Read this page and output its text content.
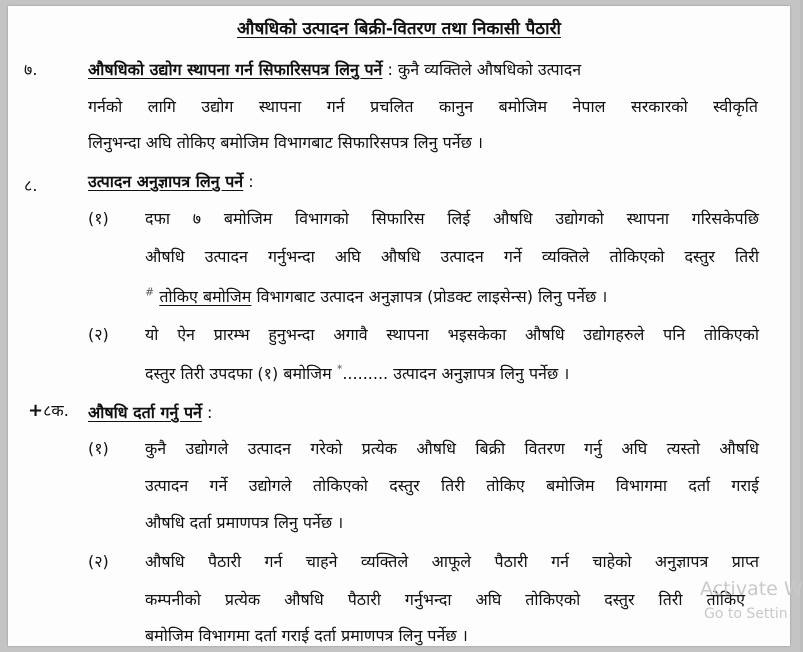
औषधिको उत्पादन बिक्री-वितरण तथा निकासी पैठारी
७.	औषधिको उद्योग स्थापना गर्न सिफारिसपत्र लिनु पर्ने : कुनै व्यक्तिले औषधिको उत्पादन
गर्नको लागि उद्योग स्थापना गर्न प्रचलित कानुन बमोजिम नेपाल सरकारको स्वीकृति
लिनुभन्दा अघि तोकिए बमोजिम विभागबाट सिफारिसपत्र लिनु पर्नेछ ।
८.	उत्पादन अनुज्ञापत्र लिनु पर्ने :
(१) दफा ७ बमोजिम विभागको सिफारिस लिई औषधि उद्योगको स्थापना गरिसकेपछि
औषधि उत्पादन गर्नुभन्दा अघि औषधि उत्पादन गर्ने व्यक्तिले तोकिएको दस्तुर तिरी
# तोकिए बमोजिम विभागबाट उत्पादन अनुज्ञापत्र (प्रोडक्ट लाइसेन्स) लिनु पर्नेछ ।
(२) यो ऐन प्रारम्भ हुनुभन्दा अगावै स्थापना भइसकेका औषधि उद्योगहरुले पनि तोकिएको
दस्तुर तिरी उपदफा (१) बमोजिम *......... उत्पादन अनुज्ञापत्र लिनु पर्नेछ ।
+८क. औषधि दर्ता गर्नु पर्ने :
(१) कुनै उद्योगले उत्पादन गरेको प्रत्येक औषधि बिक्री वितरण गर्नु अघि त्यस्तो औषधि
उत्पादन गर्ने उद्योगले तोकिएको दस्तुर तिरी तोकिए बमोजिम विभागमा दर्ता गराई
औषधि दर्ता प्रमाणपत्र लिनु पर्नेछ ।
(२) औषधि पैठारी गर्न चाहने व्यक्तिले आफूले पैठारी गर्न चाहेको अनुज्ञापत्र प्राप्त
कम्पनीको प्रत्येक औषधि पैठारी गर्नुभन्दा अघि तोकिएको दस्तुर तिरी तोकिए
बमोजिम विभागमा दर्ता गराई दर्ता प्रमाणपत्र लिनु पर्नेछ ।
Activate W
Go to Settin
